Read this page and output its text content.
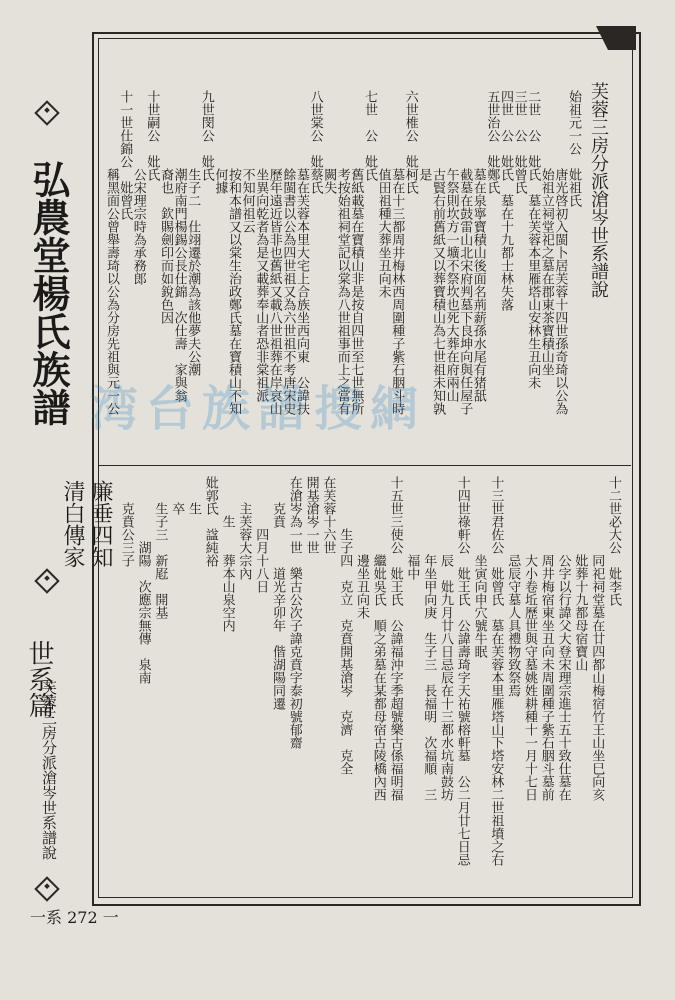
弘農堂楊氏族譜
廉垂四知
清白傳家
世系篇
芙蓉三房分派滄岑世系譜說
芙蓉三房分派滄岑世系譜說
始祖元一公　妣祖氏
　　　　　　唐光啓初入閩卜居芙蓉十四世孫奇琦以公為
　　　　　　始祖立祠堂祀之墓在郡東茶寶積山坐
二世　公　妣氏　墓在芙蓉本里雁塔山安林生丑向未
三世　公　妣曾氏
四世　公　妣氏　墓在十九都士林失落
五世治公　妣鄭氏
　　　　　　墓在泉寧寶積山後面名荊薪孫水尾有猪舐
　　　　　　截墓在鼓雷山北宋府判墓下良坤向與任屋子
　　　　　　午祭則坎方一壙不祭坎也死大葬在府兩山
　　　　　　古賢右前舊紙又以葬寶積山為七世祖未知孰
　　　　　　是
六世椎公　妣柯氏
　　　　　　墓在十三都周井梅林西周圍種子紫石胭斗時
　　　　　　值田祖種大葬坐丑向未
七世　公　妣氏
　　　　　　舊紙載墓在寶積山非是按自四世至七世無所
　　　　　　考按始祖祠堂記以棠為八世祖事而上之當有
　　　　　　闕失
八世棠公　妣蔡氏
　　　　　　墓在芙蓉本里大宅上合族坐西向東　公諱扶
　　　　　　餘閩書以公為四世祖又為六世祖不考唐宋史
　　　　　　歷年遠近皆非也舊紙又載八世祖葬在岸哀山
　　　　　　坐異向乾者為是又載葬奉山者恐非棠祖派
　　　　　　不知何祖云
　　　　　　按和本譜又以棠生治政鄭氏墓在寶積山不知
　　　　　　何據
九世閔公　妣氏
　　　　　　生子二　仕翊遷於潮為該他夢夫公潮
　　　　　　潮府南門楊錫公長仕錦　次仕壽　家與翁
　　　　　　裔也　欽賜劍印而如銳色因
十世嗣公　妣氏
　　　　　　公宋理宗時為承務郎
十一世仕錦公　妣曾氏
　　　　　　稱黑面公曾舉壽琦以公為分房先祖與元一公
十二世必大公　妣李氏
　　　　　　同祀祠堂墓在廿四都山梅宿竹王山坐巳向亥
　　　　　　妣葬十九都母宿寶山
　　　　　　公字以行諱父大登宋理宗進士五十致仕墓在
　　　　　　周井梅宿東坐丑向未周圍種子紫石胭斗墓前
　　　　　　大小卷坵歷世與守墓姚姓耕種十一月十七日
　　　　　　忌辰守墓人具禮物致祭焉
十三世君佐公　妣曾氏　墓在芙蓉本里雁塔山下塔安林二世祖墳之右
　　　　　　坐寅向申穴號牛眠
十四世祿軒公　妣王氏　公諱壽琦字天祐號榕軒墓　公二月廿七日忌
　　　　　　辰　妣九月廿八日忌辰在十三都水坑南鼓坊
　　　　　　年坐甲向庚　生子三　長福明　次福順　三
　　　　　　福中
十五世三使公　妣王氏　公諱福沖字季超號樂古係福明福
　　　　　　繼妣吳氏　順之弟墓在某都母宿古陵橋內西
　　　　　　邊坐丑向未
　　　　生子四　克立　克賁開基滄岑　克濟　克全
在芙蓉十六世
開基滄岑一世
在滄岑為一世　樂古公次子諱克賁字泰初號郁齋
　　克賁　　　道光辛卯年　偕湖陽同遷
　　　　四月十八日
　　主芙蓉大宗內
　　　生　　葬本山泉空内
妣郭氏　諡純裕
　　生
　　卒
　　生子三　新屘　開基
　　　　　湖陽　次應宗無傳　泉南
　　克賁公三子
一系 272 一
湾台族譜搜網
